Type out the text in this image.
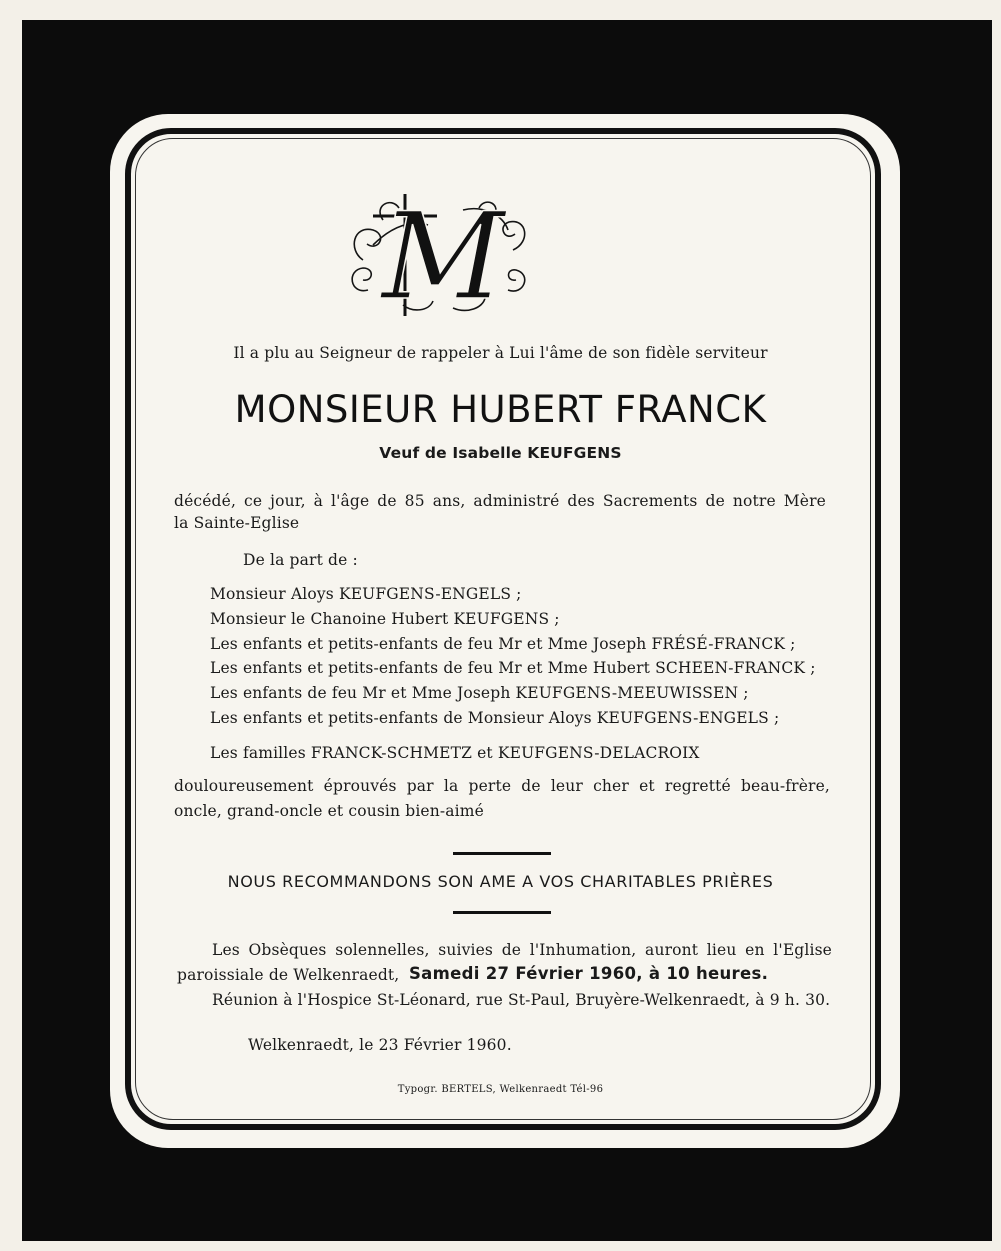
M
Il a plu au Seigneur de rappeler à Lui l'âme de son fidèle serviteur
MONSIEUR HUBERT FRANCK
Veuf de Isabelle KEUFGENS
décédé, ce jour, à l'âge de 85 ans, administré des Sacrements de notre Mère
la Sainte-Eglise
De la part de :
Monsieur Aloys KEUFGENS-ENGELS ;
Monsieur le Chanoine Hubert KEUFGENS ;
Les enfants et petits-enfants de feu Mr et Mme Joseph FRÉSÉ-FRANCK ;
Les enfants et petits-enfants de feu Mr et Mme Hubert SCHEEN-FRANCK ;
Les enfants de feu Mr et Mme Joseph KEUFGENS-MEEUWISSEN ;
Les enfants et petits-enfants de Monsieur Aloys KEUFGENS-ENGELS ;
Les familles FRANCK-SCHMETZ et KEUFGENS-DELACROIX
douloureusement éprouvés par la perte de leur cher et regretté beau-frère,
oncle, grand-oncle et cousin bien-aimé
NOUS RECOMMANDONS SON AME A VOS CHARITABLES PRIÈRES
Les Obsèques solennelles, suivies de l'Inhumation, auront lieu en l'Eglise
paroissiale de Welkenraedt, Samedi 27 Février 1960, à 10 heures.
Réunion à l'Hospice St-Léonard, rue St-Paul, Bruyère-Welkenraedt, à 9 h. 30.
Welkenraedt, le 23 Février 1960.
Typogr. BERTELS, Welkenraedt Tél-96
